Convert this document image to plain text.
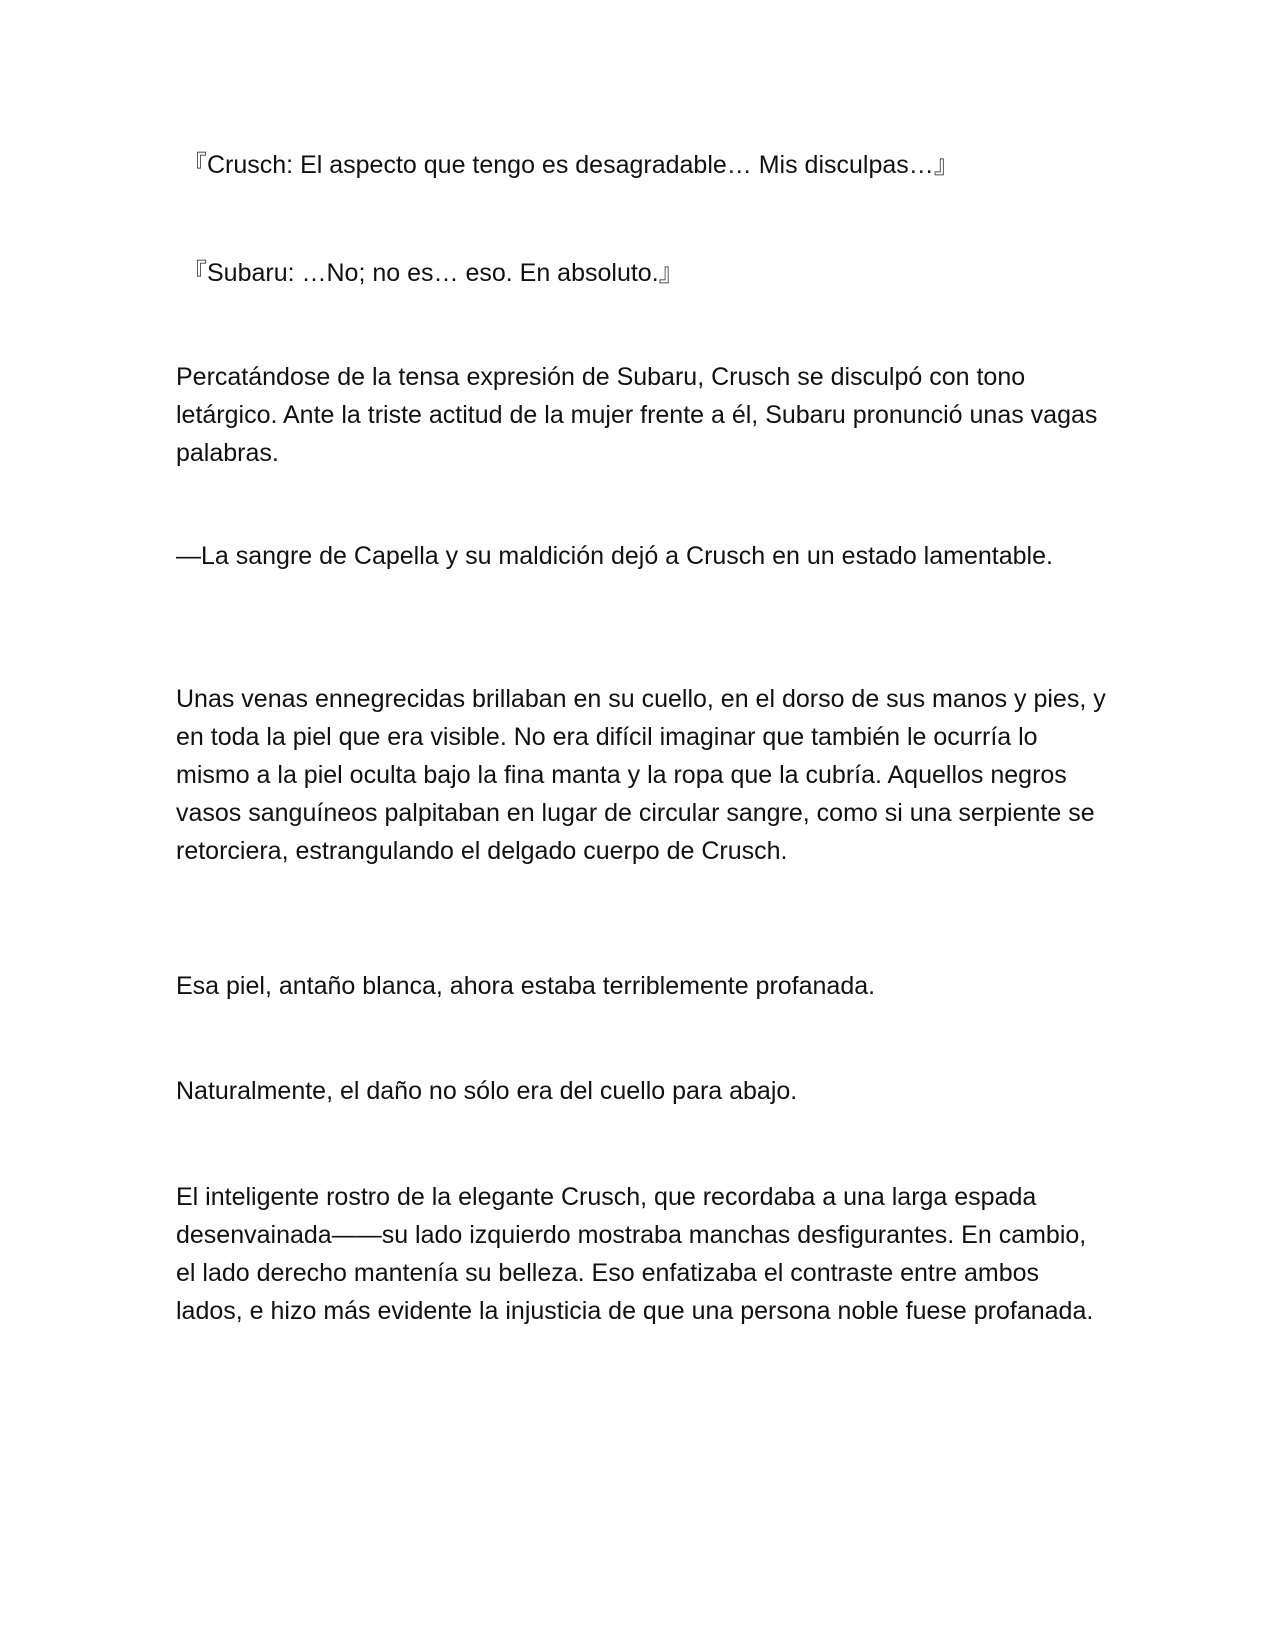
『Crusch: El aspecto que tengo es desagradable… Mis disculpas…』

『Subaru: …No; no es… eso. En absoluto.』

Percatándose de la tensa expresión de Subaru, Crusch se disculpó con tono letárgico. Ante la triste actitud de la mujer frente a él, Subaru pronunció unas vagas palabras.

—La sangre de Capella y su maldición dejó a Crusch en un estado lamentable.

Unas venas ennegrecidas brillaban en su cuello, en el dorso de sus manos y pies, y en toda la piel que era visible. No era difícil imaginar que también le ocurría lo mismo a la piel oculta bajo la fina manta y la ropa que la cubría. Aquellos negros vasos sanguíneos palpitaban en lugar de circular sangre, como si una serpiente se retorciera, estrangulando el delgado cuerpo de Crusch.

Esa piel, antaño blanca, ahora estaba terriblemente profanada.

Naturalmente, el daño no sólo era del cuello para abajo.

El inteligente rostro de la elegante Crusch, que recordaba a una larga espada desenvainada——su lado izquierdo mostraba manchas desfigurantes. En cambio, el lado derecho mantenía su belleza. Eso enfatizaba el contraste entre ambos lados, e hizo más evidente la injusticia de que una persona noble fuese profanada.
